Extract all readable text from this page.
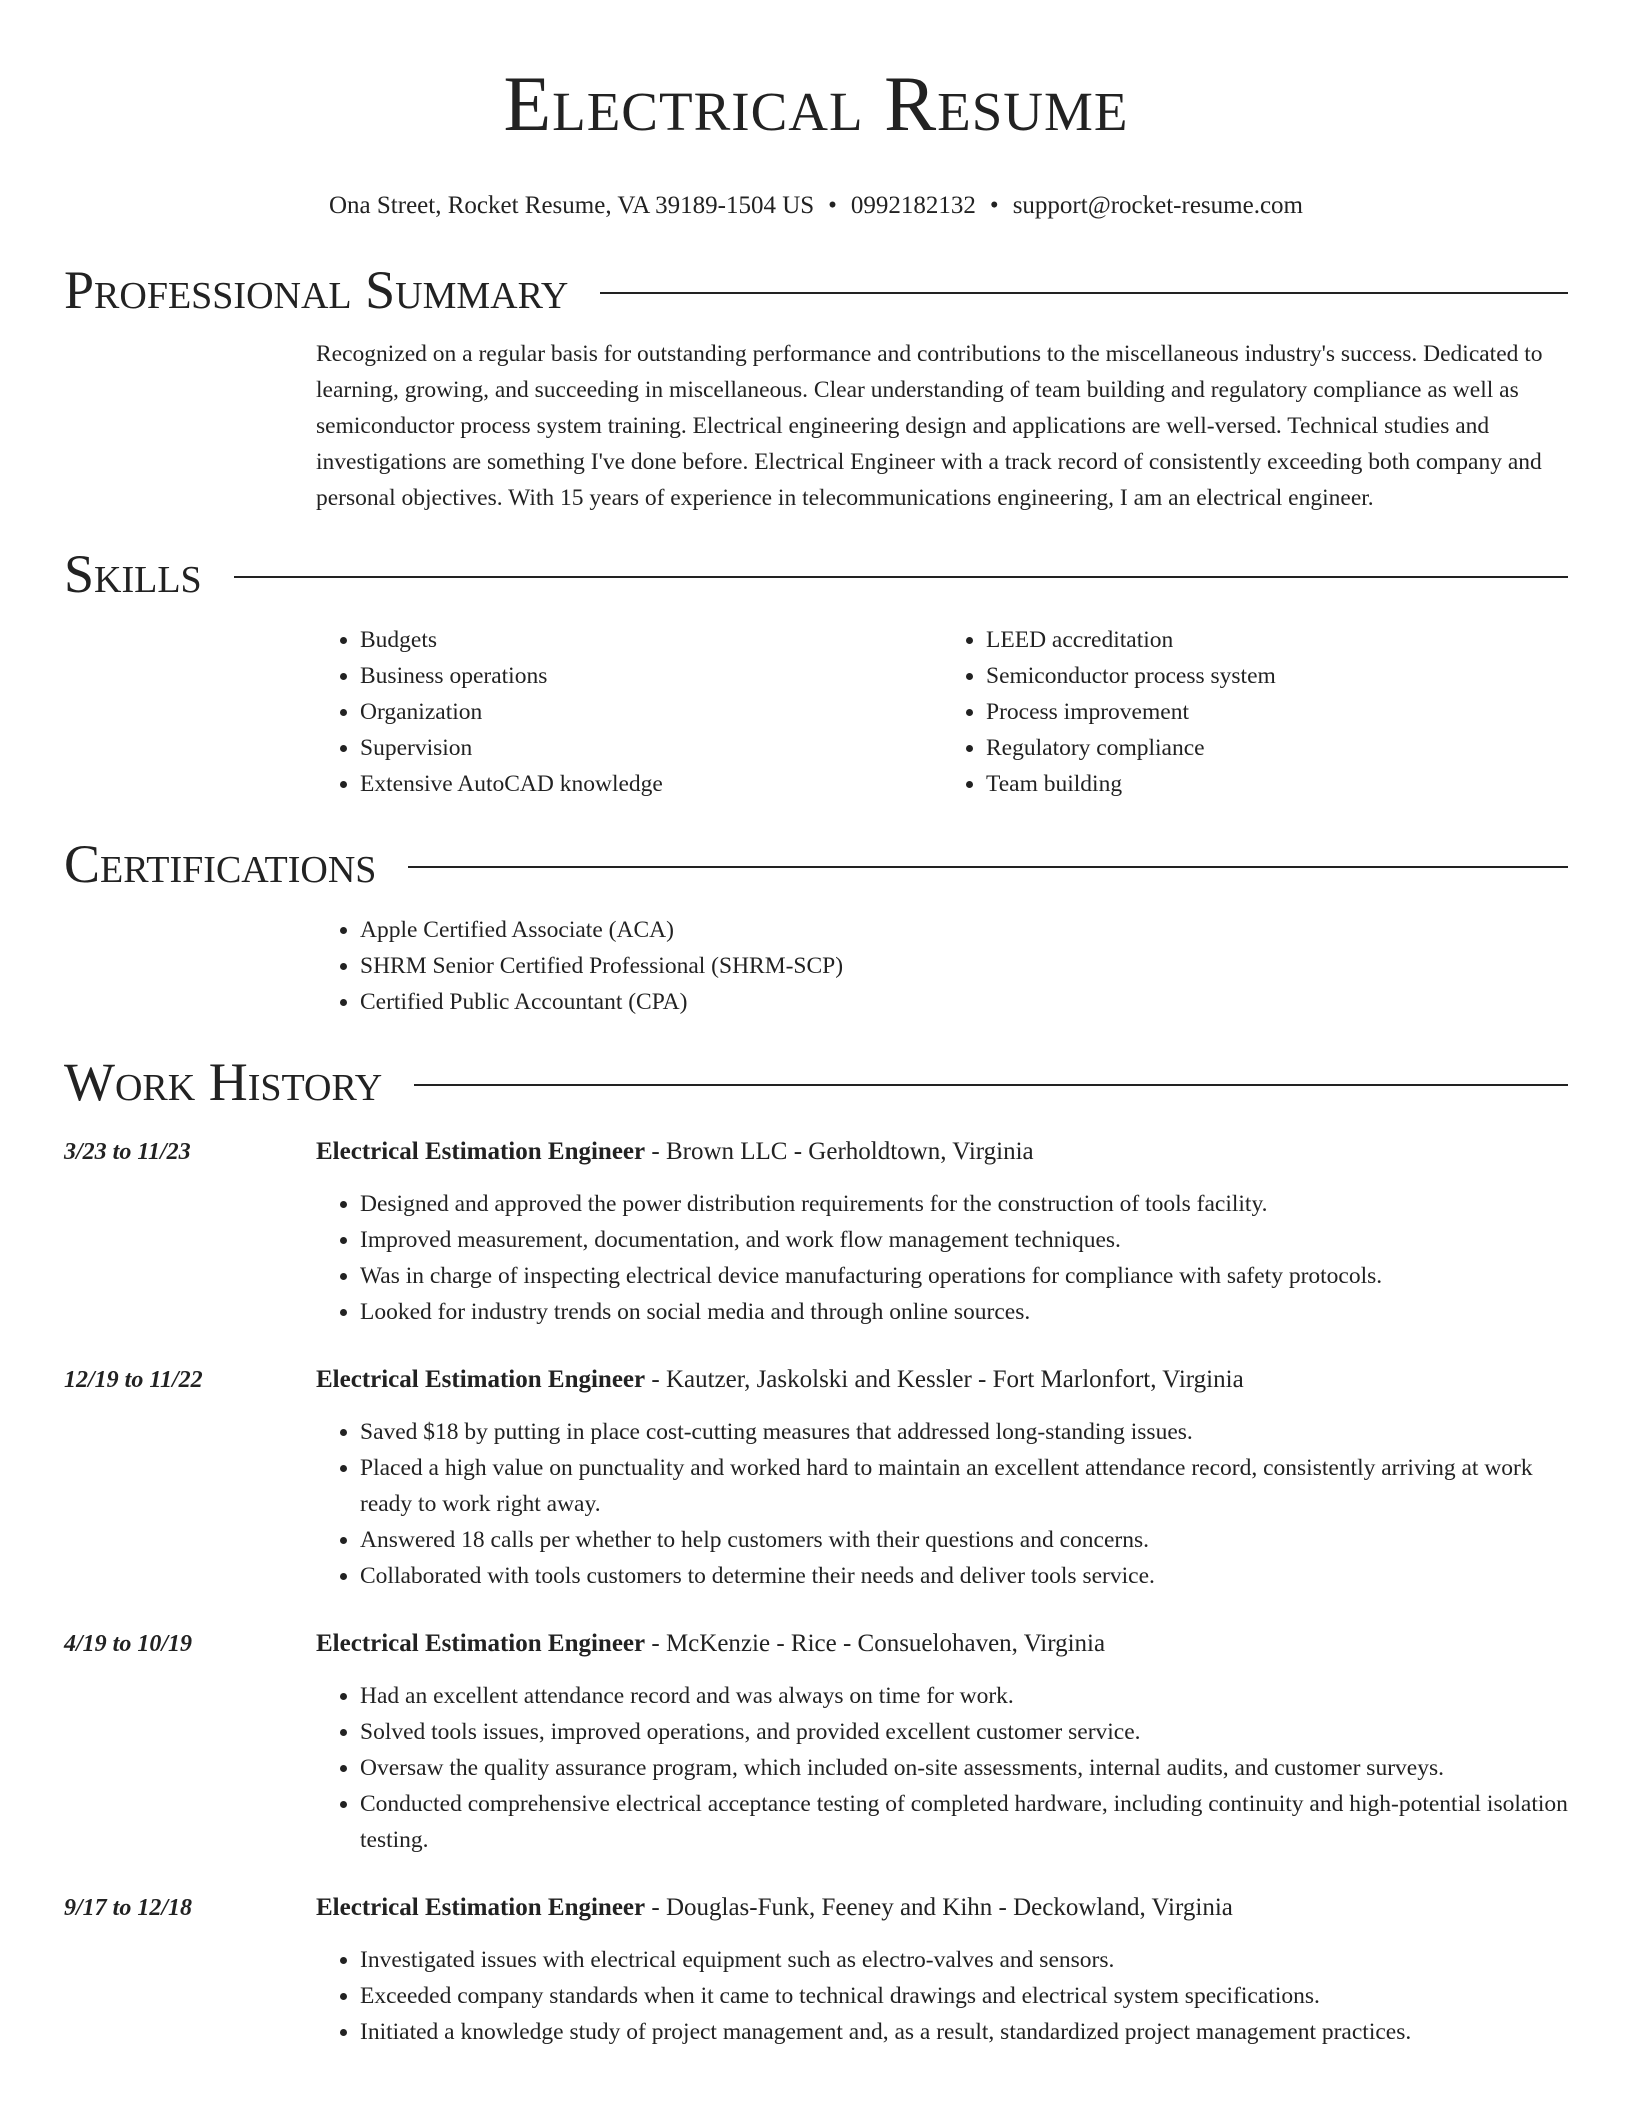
Electrical Resume
Ona Street, Rocket Resume, VA 39189-1504 US • 0992182132 • support@rocket-resume.com
Professional Summary

Recognized on a regular basis for outstanding performance and contributions to the miscellaneous industry's success. Dedicated to learning, growing, and succeeding in miscellaneous. Clear understanding of team building and regulatory compliance as well as semiconductor process system training. Electrical engineering design and applications are well-versed. Technical studies and investigations are something I've done before. Electrical Engineer with a track record of consistently exceeding both company and personal objectives. With 15 years of experience in telecommunications engineering, I am an electrical engineer.

Skills
• Budgets
• Business operations
• Organization
• Supervision
• Extensive AutoCAD knowledge
• LEED accreditation
• Semiconductor process system
• Process improvement
• Regulatory compliance
• Team building
Certifications
• Apple Certified Associate (ACA)
• SHRM Senior Certified Professional (SHRM-SCP)
• Certified Public Accountant (CPA)
Work History
3/23 to 11/23	Electrical Estimation Engineer - Brown LLC - Gerholdtown, Virginia
• Designed and approved the power distribution requirements for the construction of tools facility.
• Improved measurement, documentation, and work flow management techniques.
• Was in charge of inspecting electrical device manufacturing operations for compliance with safety protocols.
• Looked for industry trends on social media and through online sources.
12/19 to 11/22	Electrical Estimation Engineer - Kautzer, Jaskolski and Kessler - Fort Marlonfort, Virginia
• Saved $18 by putting in place cost-cutting measures that addressed long-standing issues.
• Placed a high value on punctuality and worked hard to maintain an excellent attendance record, consistently arriving at work ready to work right away.
• Answered 18 calls per whether to help customers with their questions and concerns.
• Collaborated with tools customers to determine their needs and deliver tools service.
4/19 to 10/19	Electrical Estimation Engineer - McKenzie - Rice - Consuelohaven, Virginia
• Had an excellent attendance record and was always on time for work.
• Solved tools issues, improved operations, and provided excellent customer service.
• Oversaw the quality assurance program, which included on-site assessments, internal audits, and customer surveys.
• Conducted comprehensive electrical acceptance testing of completed hardware, including continuity and high-potential isolation testing.
9/17 to 12/18	Electrical Estimation Engineer - Douglas-Funk, Feeney and Kihn - Deckowland, Virginia
• Investigated issues with electrical equipment such as electro-valves and sensors.
• Exceeded company standards when it came to technical drawings and electrical system specifications.
• Initiated a knowledge study of project management and, as a result, standardized project management practices.
